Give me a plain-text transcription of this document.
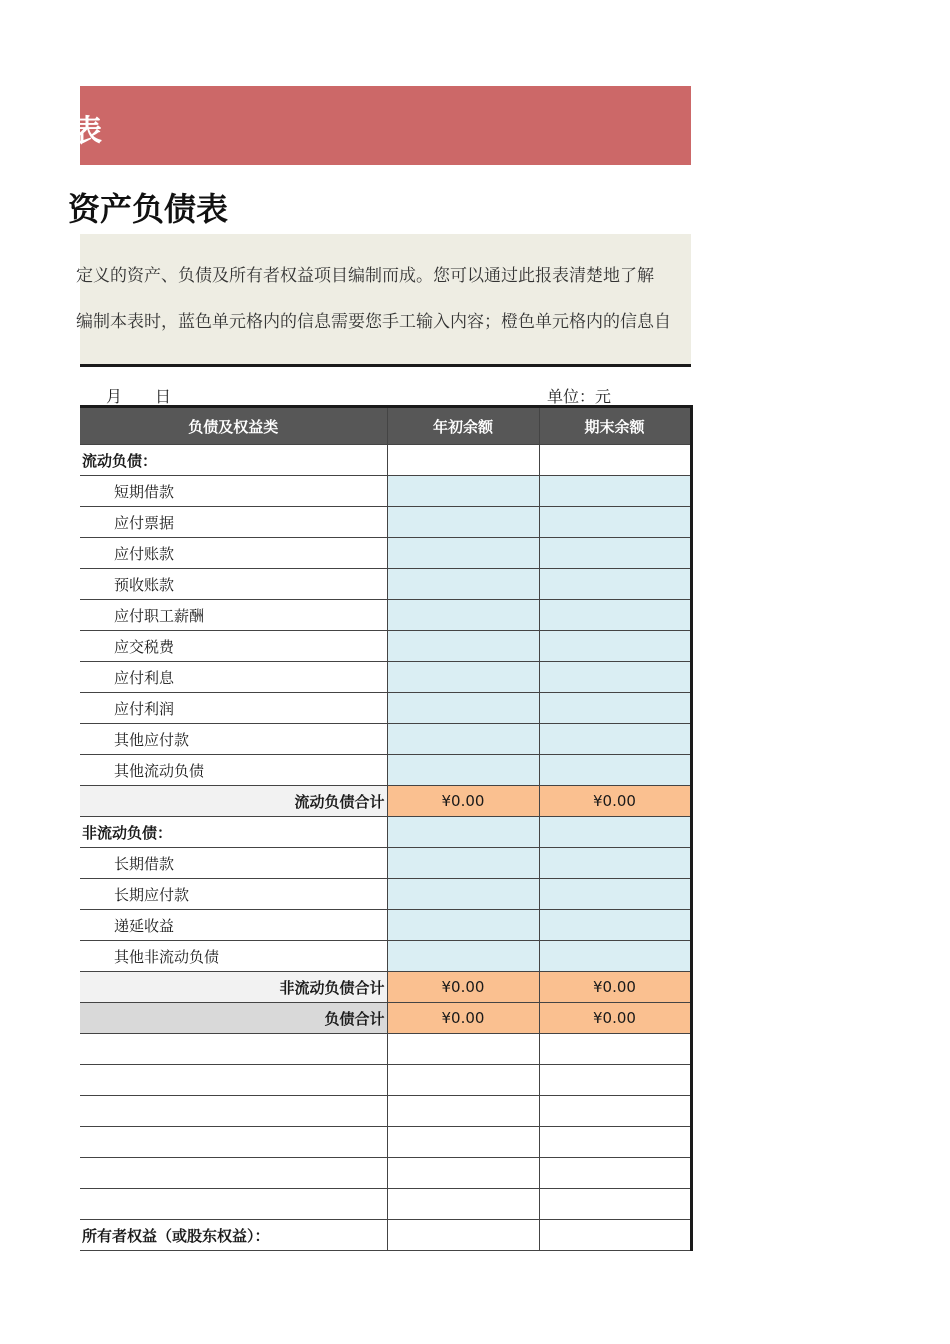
表
资产负债表
定义的资产、负债及所有者权益项目编制而成。您可以通过此报表清楚地了解
编制本表时，蓝色单元格内的信息需要您手工输入内容；橙色单元格内的信息自
月 日	单位：元
负债及权益类	年初余额	期末余额
流动负债：		
短期借款		
应付票据		
应付账款		
预收账款		
应付职工薪酬		
应交税费		
应付利息		
应付利润		
其他应付款		
其他流动负债		
流动负债合计	¥0.00	¥0.00
非流动负债：		
长期借款		
长期应付款		
递延收益		
其他非流动负债		
非流动负债合计	¥0.00	¥0.00
负债合计	¥0.00	¥0.00

所有者权益（或股东权益）：		
